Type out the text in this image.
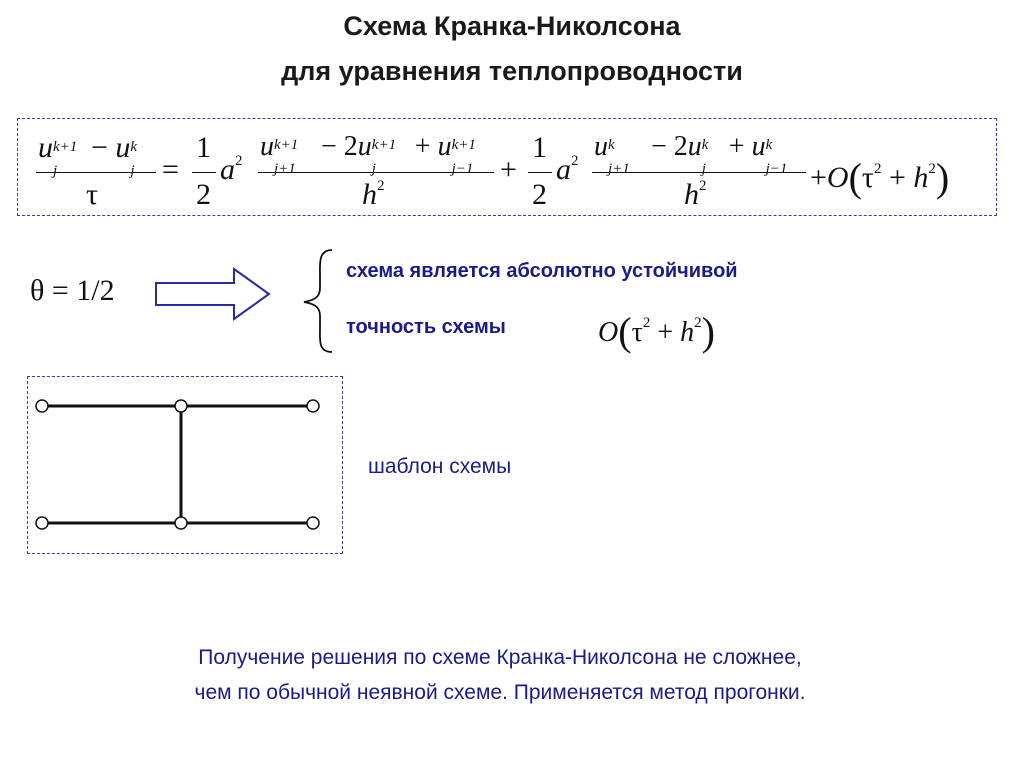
Схема Кранка-Николсона
для уравнения теплопроводности
u k+1
j
− u k
j
τ
=
1
2
$a^2$ u k+1
j+1
− 2u k+1
j
+ u k+1
j−1
$h^2$	+
1
2
$a^2$ u k
j+1
− 2u k
j
+ u k
j−1
$h^2$	$+O(\tau^2 + h^2)$
θ = 1/2
схема является абсолютно устойчивой
точность схемы	$O(\tau^2 + h^2)$
шаблон схемы
Получение решения по схеме Кранка-Николсона не сложнее,
чем по обычной неявной схеме. Применяется метод прогонки.
